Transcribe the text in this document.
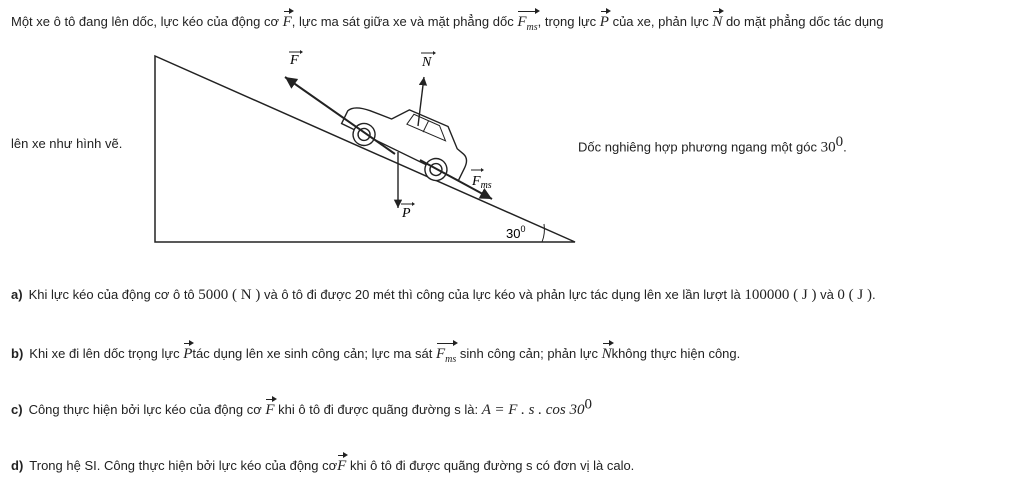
Một xe ô tô đang lên dốc, lực kéo của động cơ F, lực ma sát giữa xe và mặt phẳng dốc $F_{ms}$, trọng lực P của xe, phản lực N do mặt phẳng dốc tác dụng
lên xe như hình vẽ.	Dốc nghiêng hợp phương ngang một góc $30^0$.
F	N
P
$F_{ms}$
$30^0$
a) Khi lực kéo của động cơ ô tô 5000 ( N ) và ô tô đi được 20 mét thì công của lực kéo và phản lực tác dụng lên xe lần lượt là 100000 ( J ) và 0 ( J ).
b) Khi xe đi lên dốc trọng lực Ptác dụng lên xe sinh công cản; lực ma sát $F_{ms}$ sinh công cản; phản lực Nkhông thực hiện công.
c) Công thực hiện bởi lực kéo của động cơ F khi ô tô đi được quãng đường s là: A = F . s . $\cos 30^0$
d) Trong hệ SI. Công thực hiện bởi lực kéo của động cơF khi ô tô đi được quãng đường s có đơn vị là calo.
